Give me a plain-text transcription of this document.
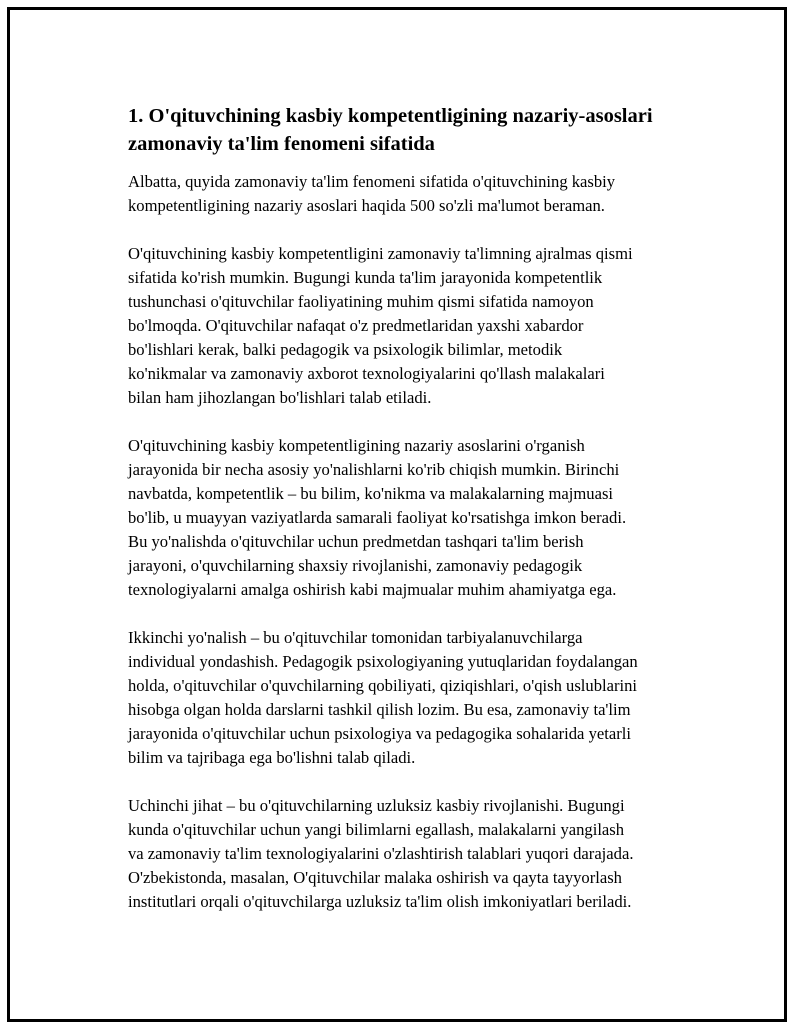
1. O'qituvchining kasbiy kompetentligining nazariy-asoslari
zamonaviy ta'lim fenomeni sifatida

Albatta, quyida zamonaviy ta'lim fenomeni sifatida o'qituvchining kasbiy
kompetentligining nazariy asoslari haqida 500 so'zli ma'lumot beraman.

O'qituvchining kasbiy kompetentligini zamonaviy ta'limning ajralmas qismi
sifatida ko'rish mumkin. Bugungi kunda ta'lim jarayonida kompetentlik
tushunchasi o'qituvchilar faoliyatining muhim qismi sifatida namoyon
bo'lmoqda. O'qituvchilar nafaqat o'z predmetlaridan yaxshi xabardor
bo'lishlari kerak, balki pedagogik va psixologik bilimlar, metodik
ko'nikmalar va zamonaviy axborot texnologiyalarini qo'llash malakalari
bilan ham jihozlangan bo'lishlari talab etiladi.

O'qituvchining kasbiy kompetentligining nazariy asoslarini o'rganish
jarayonida bir necha asosiy yo'nalishlarni ko'rib chiqish mumkin. Birinchi
navbatda, kompetentlik – bu bilim, ko'nikma va malakalarning majmuasi
bo'lib, u muayyan vaziyatlarda samarali faoliyat ko'rsatishga imkon beradi.
Bu yo'nalishda o'qituvchilar uchun predmetdan tashqari ta'lim berish
jarayoni, o'quvchilarning shaxsiy rivojlanishi, zamonaviy pedagogik
texnologiyalarni amalga oshirish kabi majmualar muhim ahamiyatga ega.

Ikkinchi yo'nalish – bu o'qituvchilar tomonidan tarbiyalanuvchilarga
individual yondashish. Pedagogik psixologiyaning yutuqlaridan foydalangan
holda, o'qituvchilar o'quvchilarning qobiliyati, qiziqishlari, o'qish uslublarini
hisobga olgan holda darslarni tashkil qilish lozim. Bu esa, zamonaviy ta'lim
jarayonida o'qituvchilar uchun psixologiya va pedagogika sohalarida yetarli
bilim va tajribaga ega bo'lishni talab qiladi.

Uchinchi jihat – bu o'qituvchilarning uzluksiz kasbiy rivojlanishi. Bugungi
kunda o'qituvchilar uchun yangi bilimlarni egallash, malakalarni yangilash
va zamonaviy ta'lim texnologiyalarini o'zlashtirish talablari yuqori darajada.
O'zbekistonda, masalan, O'qituvchilar malaka oshirish va qayta tayyorlash
institutlari orqali o'qituvchilarga uzluksiz ta'lim olish imkoniyatlari beriladi.
